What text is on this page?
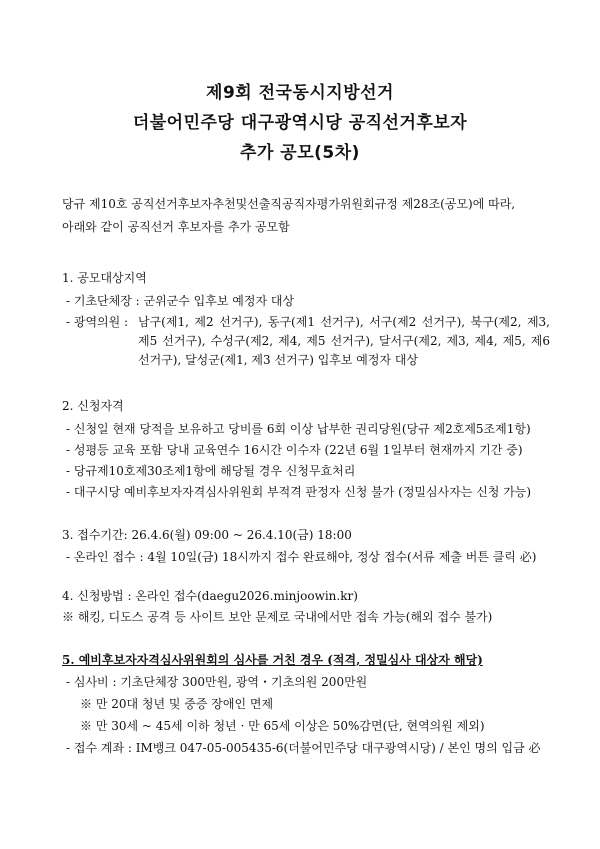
제9회 전국동시지방선거
더불어민주당 대구광역시당 공직선거후보자
추가 공모(5차)
당규 제10호 공직선거후보자추천및선출직공직자평가위원회규정 제28조(공모)에 따라,
아래와 같이 공직선거 후보자를 추가 공모함
1. 공모대상지역
- 기초단체장 : 군위군수 입후보 예정자 대상
- 광역의원 : 남구(제1, 제2 선거구), 동구(제1 선거구), 서구(제2 선거구), 북구(제2, 제3, 제5 선거구), 수성구(제2, 제4, 제5 선거구), 달서구(제2, 제3, 제4, 제5, 제6 선거구), 달성군(제1, 제3 선거구) 입후보 예정자 대상
2. 신청자격
- 신청일 현재 당적을 보유하고 당비를 6회 이상 납부한 권리당원(당규 제2호제5조제1항)
- 성평등 교육 포함 당내 교육연수 16시간 이수자 (22년 6월 1일부터 현재까지 기간 중)
- 당규제10호제30조제1항에 해당될 경우 신청무효처리
- 대구시당 예비후보자자격심사위원회 부적격 판정자 신청 불가 (정밀심사자는 신청 가능)
3. 접수기간: 26.4.6(월) 09:00 ~ 26.4.10(금) 18:00
- 온라인 접수 : 4월 10일(금) 18시까지 접수 완료해야, 정상 접수(서류 제출 버튼 클릭 必)
4. 신청방법 : 온라인 접수(daegu2026.minjoowin.kr)
※ 해킹, 디도스 공격 등 사이트 보안 문제로 국내에서만 접속 가능(해외 접수 불가)
5. 예비후보자자격심사위원회의 심사를 거친 경우 (적격, 정밀심사 대상자 해당)
- 심사비 : 기초단체장 300만원, 광역・기초의원 200만원
※ 만 20대 청년 및 중증 장애인 면제
※ 만 30세 ~ 45세 이하 청년 · 만 65세 이상은 50%감면(단, 현역의원 제외)
- 접수 계좌 : IM뱅크 047-05-005435-6(더불어민주당 대구광역시당) / 본인 명의 입금 必
